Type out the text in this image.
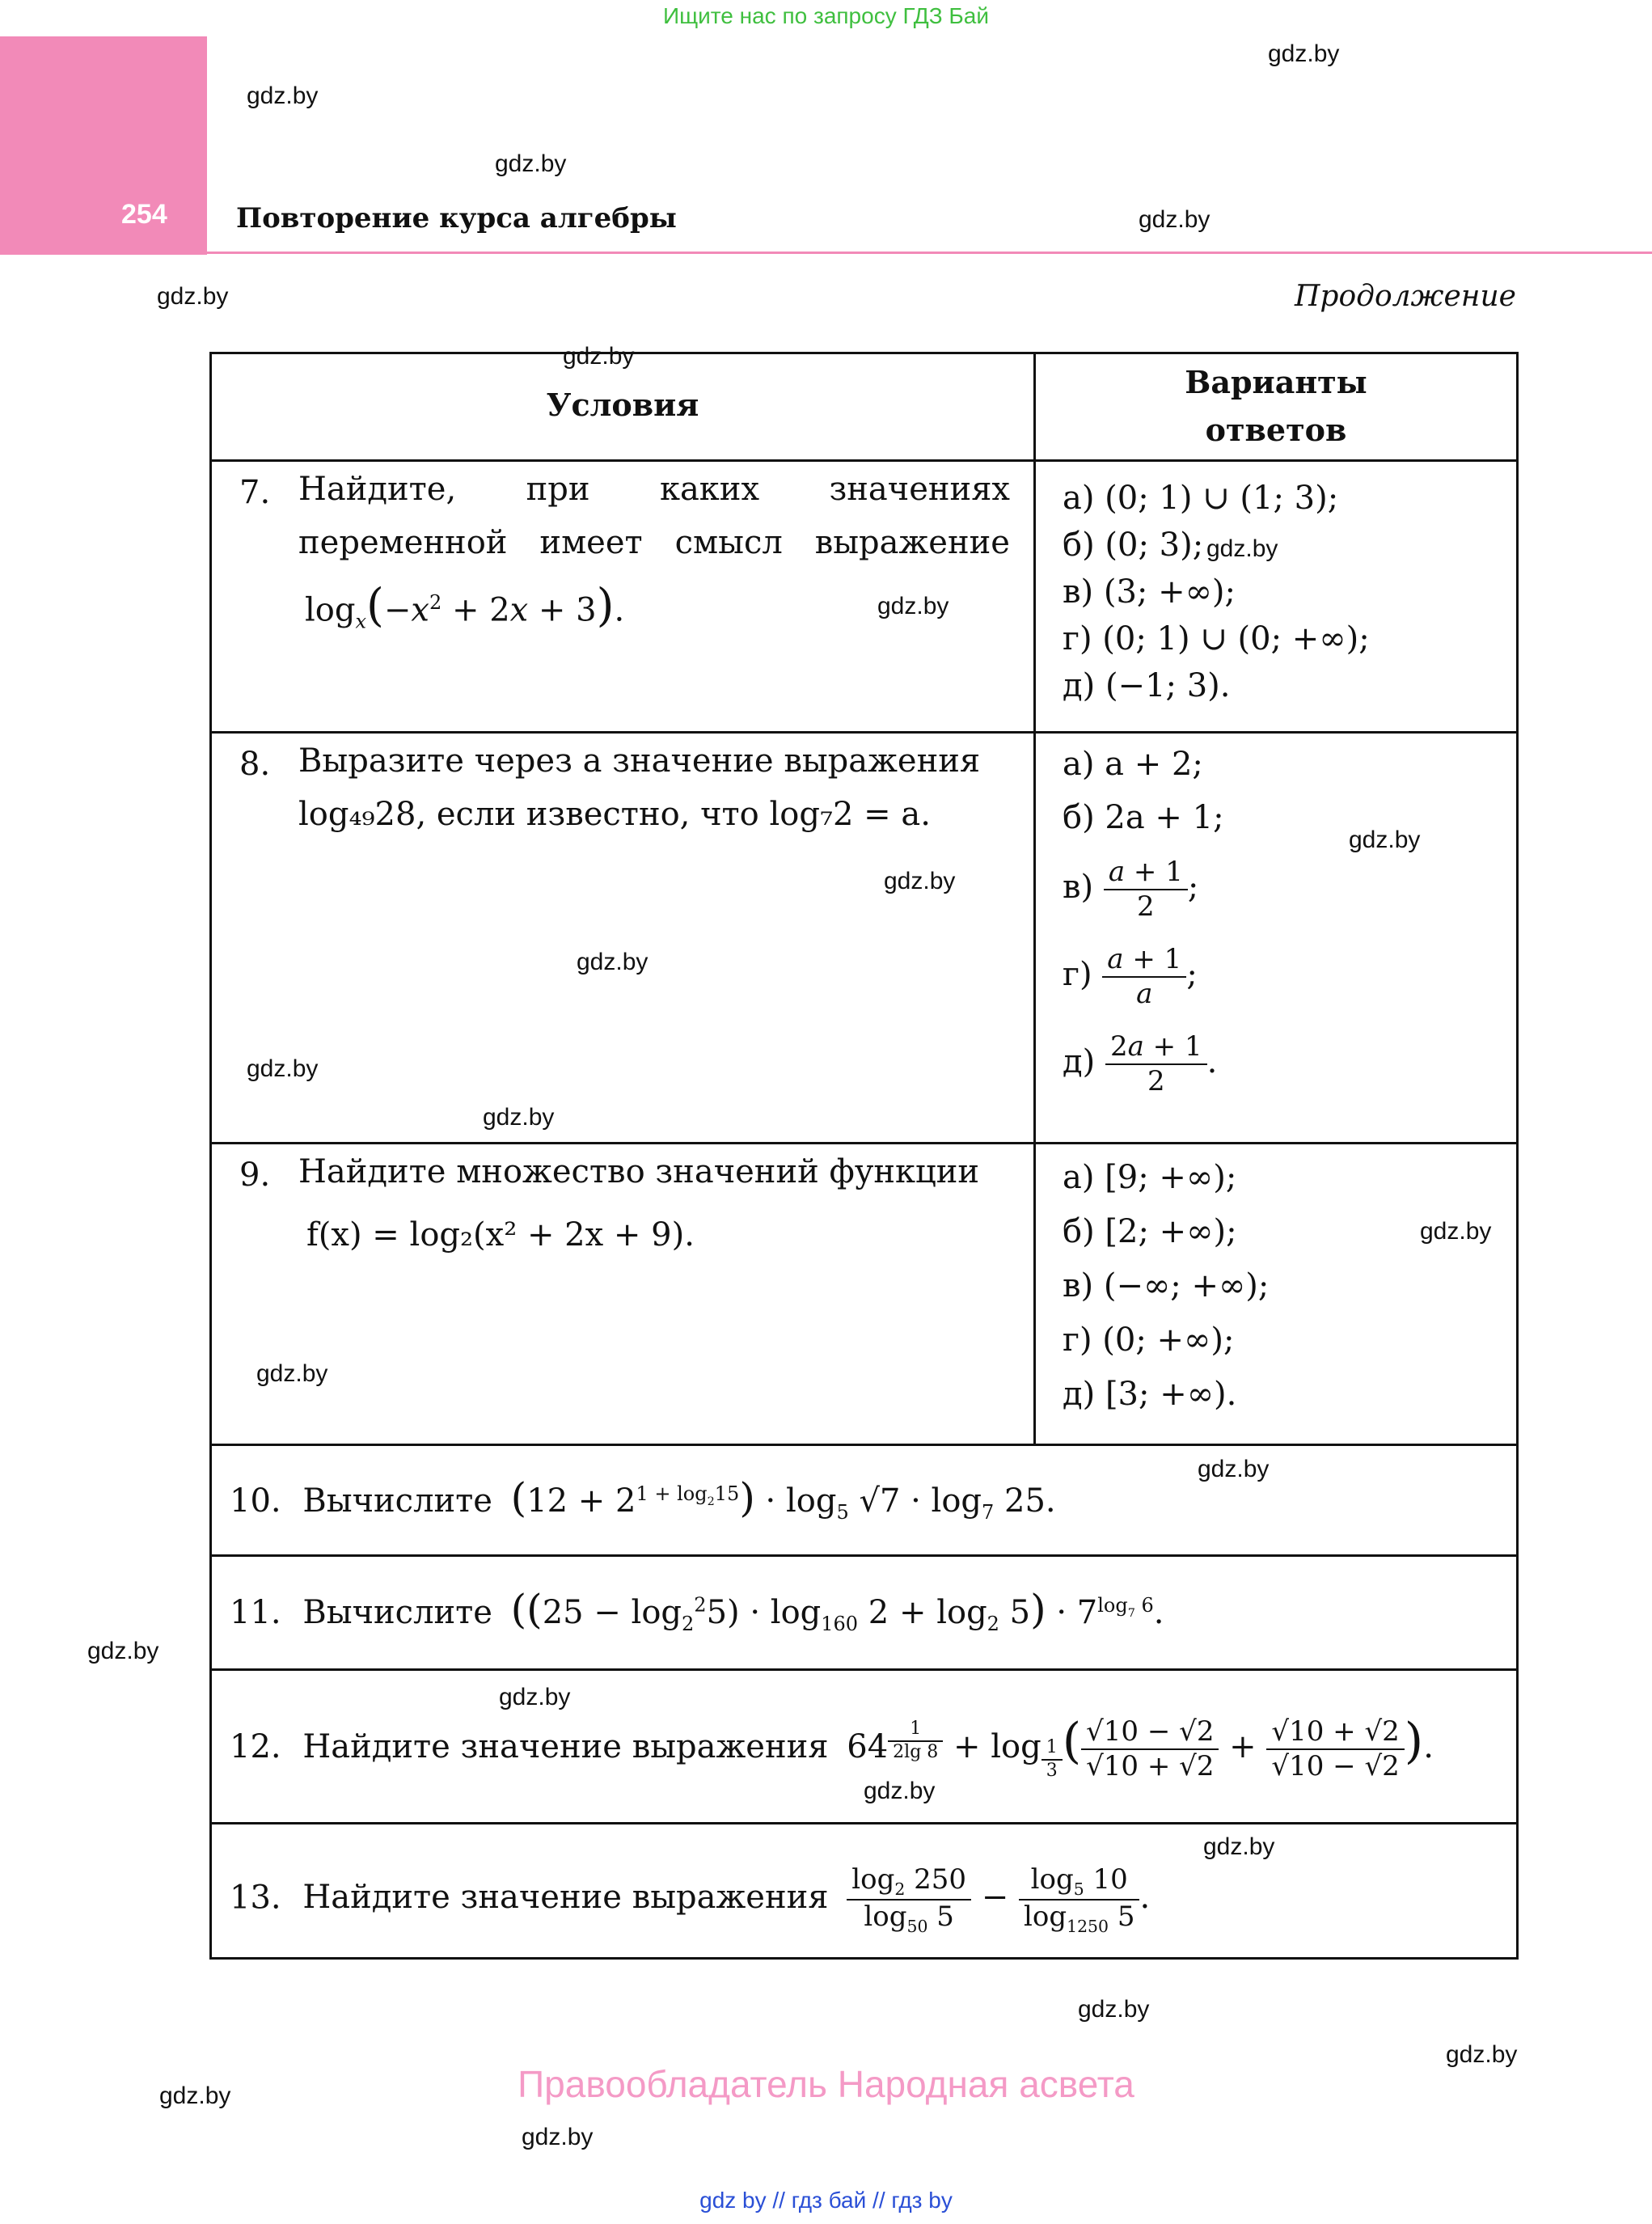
Ищите нас по запросу ГДЗ Бай
254	Повторение курса алгебры
Продолжение
gdz.by
gdz.by
gdz.by
gdz.by
gdz.by
gdz.by
gdz.by
gdz.by
gdz.by
gdz.by
gdz.by
gdz.by
gdz.by
gdz.by
gdz.by
gdz.by
gdz.by
gdz.by
gdz.by
gdz.by
gdz.by
gdz.by
gdz.by
gdz.by
Условия
Варианты
ответов
7. Найдите, при каких значениях
переменной имеет смысл выражение
$\log_x(-x^2 + 2x + 3)$.
а) (0; 1) ∪ (1; 3);
б) (0; 3);
в) (3; +∞);
г) (0; 1) ∪ (0; +∞);
д) (−1; 3).
8. Выразите через a значение выражения
log₄₉28, если известно, что log₇2 = a.
а) a + 2;
б) 2a + 1;
$в) \frac{a + 1}{2}$ ;
$г) \frac{a + 1}{a}$ ;
$д) \frac{2a + 1}{2}$ .
9. Найдите множество значений функции
f(x) = log₂(x² + 2x + 9).
а) [9; +∞);
б) [2; +∞);
в) (−∞; +∞);
г) (0; +∞);
д) [3; +∞).
10. Вычислите $(12 + 2^{1 + log_215}) \cdot \log_5 √7 \cdot \log_7 25$.
11. Вычислите $((25 - \log_2^25) \cdot \log_{160} 2 + \log_2 5) \cdot 7^{log_7 6}$.
12. Найдите значение выражения 64 $^{\frac{1}{2\lg 8}}$ + log $_{\frac{1}{3}}$ ( $\frac{√10 - √2}{√10 + √2} + \frac{√10 + √2}{√10 - √2}$ ).
13. Найдите значение выражения $\frac{\log_2 250}{\log_{50} 5} - \frac{\log_5 10}{\log_{1250} 5}$ .
Правообладатель Народная асвета
gdz by // гдз бай // гдз by
